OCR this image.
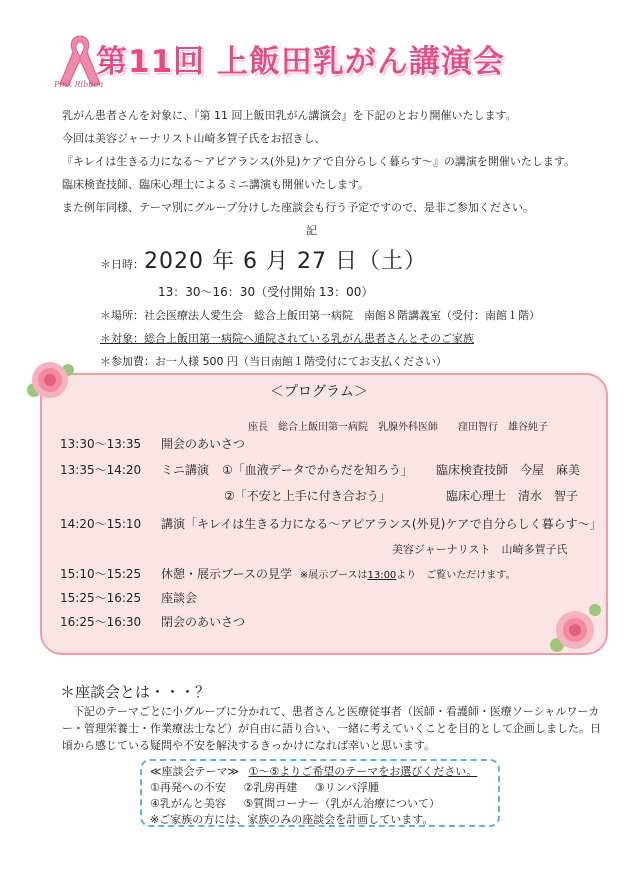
Pink Ribbon
第11回 上飯田乳がん講演会
乳がん患者さんを対象に、『第 11 回上飯田乳がん講演会』を下記のとおり開催いたします。
今回は美容ジャーナリスト山崎多賀子氏をお招きし、
『キレイは生きる力になる～アピアランス(外見)ケアで自分らしく暮らす～』の講演を開催いたします。
臨床検査技師、臨床心理士によるミニ講演も開催いたします。
また例年同様、テーマ別にグループ分けした座談会も行う予定ですので、是非ご参加ください。
記
＊日時：2020 年 6 月 27 日（土）
13：30～16：30（受付開始 13：00）
＊場所：社会医療法人愛生会　総合上飯田第一病院　南館８階講義室（受付：南館１階）
＊対象：総合上飯田第一病院へ通院されている乳がん患者さんとそのご家族
＊参加費：お一人様 500 円（当日南館１階受付にてお支払ください）
＜プログラム＞
座長　総合上飯田第一病院　乳腺外科医師　　窪田智行　雄谷純子
13:30～13:35 開会のあいさつ
13:35～14:20 ミニ講演 ①「血液データでからだを知ろう」 臨床検査技師　今屋　麻美
②「不安と上手に付き合おう」	臨床心理士　清水　智子
14:20～15:10 講演「キレイは生きる力になる～アピアランス(外見)ケアで自分らしく暮らす～」
美容ジャーナリスト　山崎多賀子氏
15:10～15:25 休憩・展示ブースの見学 ※展示ブースは13:00より　ご覧いただけます。
15:25～16:25 座談会
16:25～16:30 閉会のあいさつ
＊座談会とは・・・？
　下記のテーマごとに小グループに分かれて、患者さんと医療従事者（医師・看護師・医療ソーシャルワーカー・管理栄養士・作業療法士など）が自由に語り合い、一緒に考えていくことを目的として企画しました。日頃から感じている疑問や不安を解決するきっかけになれば幸いと思います。
≪座談会テーマ≫ ①～⑤よりご希望のテーマをお選びください。
①再発への不安 ②乳房再建 ③リンパ浮腫
④乳がんと美容 ⑤質問コーナー（乳がん治療について）
※ご家族の方には、家族のみの座談会を計画しています。
